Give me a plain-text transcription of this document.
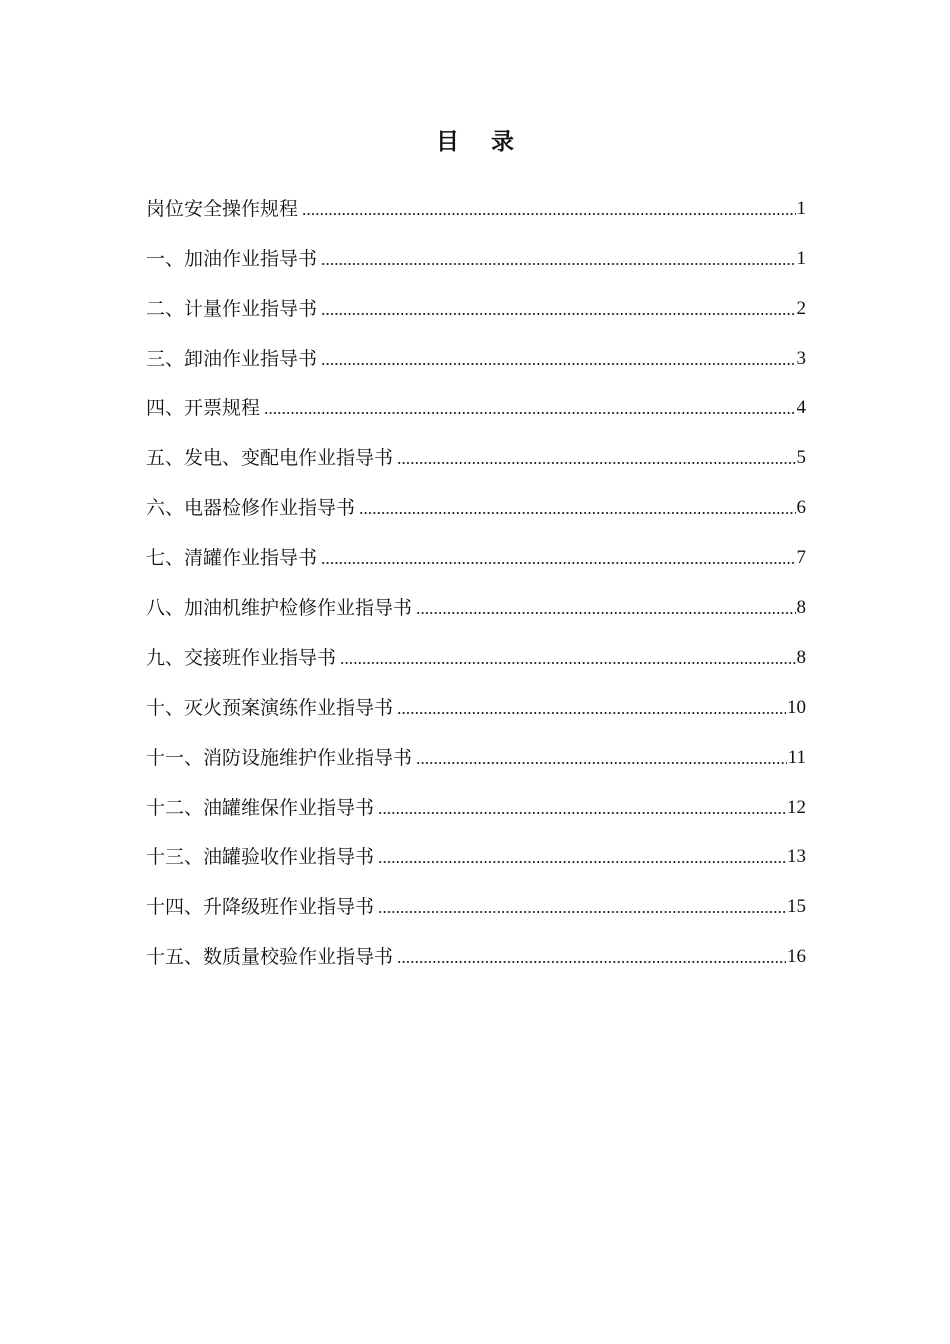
目 录
岗位安全操作规程	1
一、加油作业指导书	1
二、计量作业指导书	2
三、卸油作业指导书	3
四、开票规程	4
五、发电、变配电作业指导书	5
六、电器检修作业指导书	6
七、清罐作业指导书	7
八、加油机维护检修作业指导书	8
九、交接班作业指导书	8
十、灭火预案演练作业指导书	10
十一、消防设施维护作业指导书	11
十二、油罐维保作业指导书	12
十三、油罐验收作业指导书	13
十四、升降级班作业指导书	15
十五、数质量校验作业指导书	16
